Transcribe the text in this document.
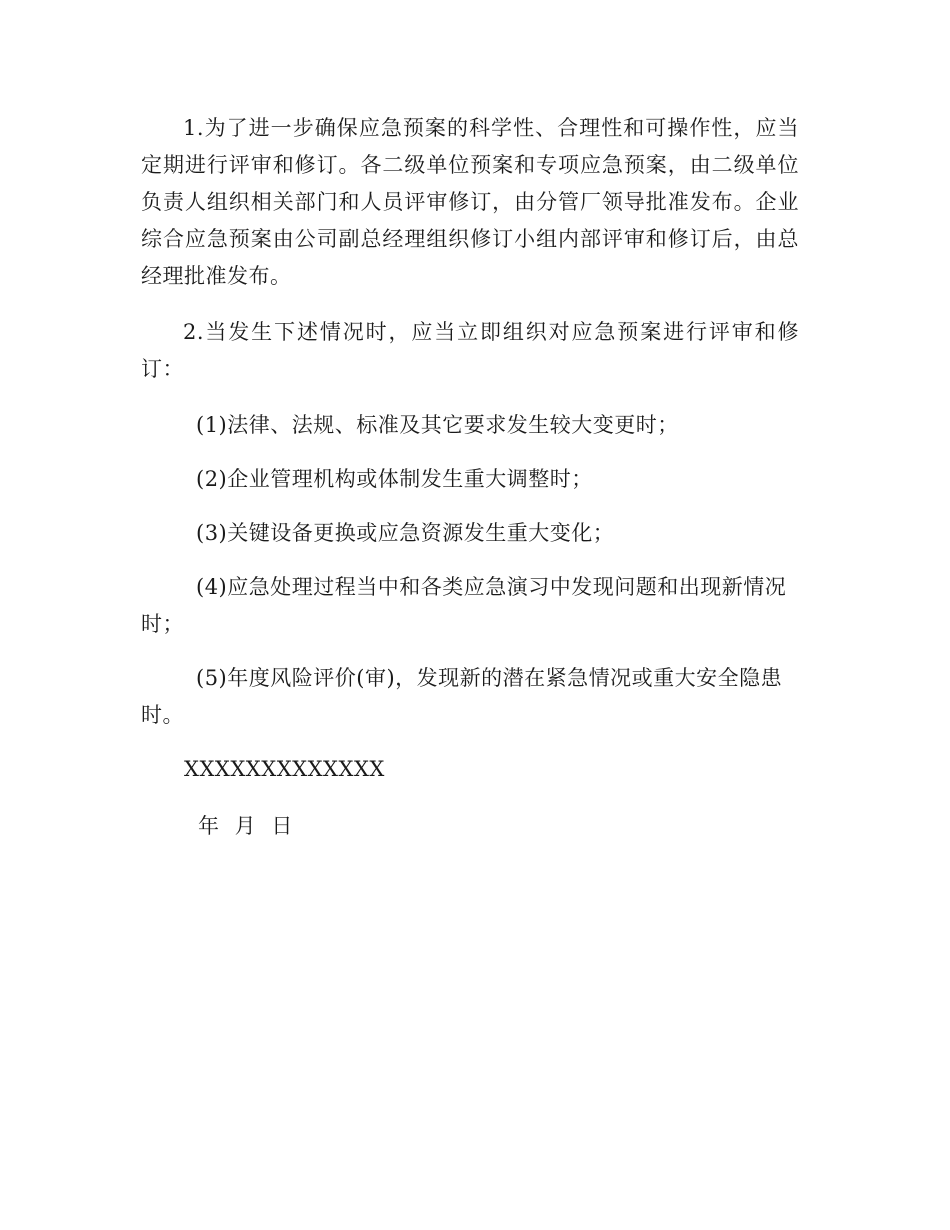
1.为了进一步确保应急预案的科学性、合理性和可操作性，应当定期进行评审和修订。各二级单位预案和专项应急预案，由二级单位负责人组织相关部门和人员评审修订，由分管厂领导批准发布。企业综合应急预案由公司副总经理组织修订小组内部评审和修订后，由总经理批准发布。

2.当发生下述情况时，应当立即组织对应急预案进行评审和修订：

(1)法律、法规、标准及其它要求发生较大变更时；

(2)企业管理机构或体制发生重大调整时；

(3)关键设备更换或应急资源发生重大变化；

(4)应急处理过程当中和各类应急演习中发现问题和出现新情况时；

(5)年度风险评价(审)，发现新的潜在紧急情况或重大安全隐患时。

XXXXXXXXXXXXX

年 月 日
